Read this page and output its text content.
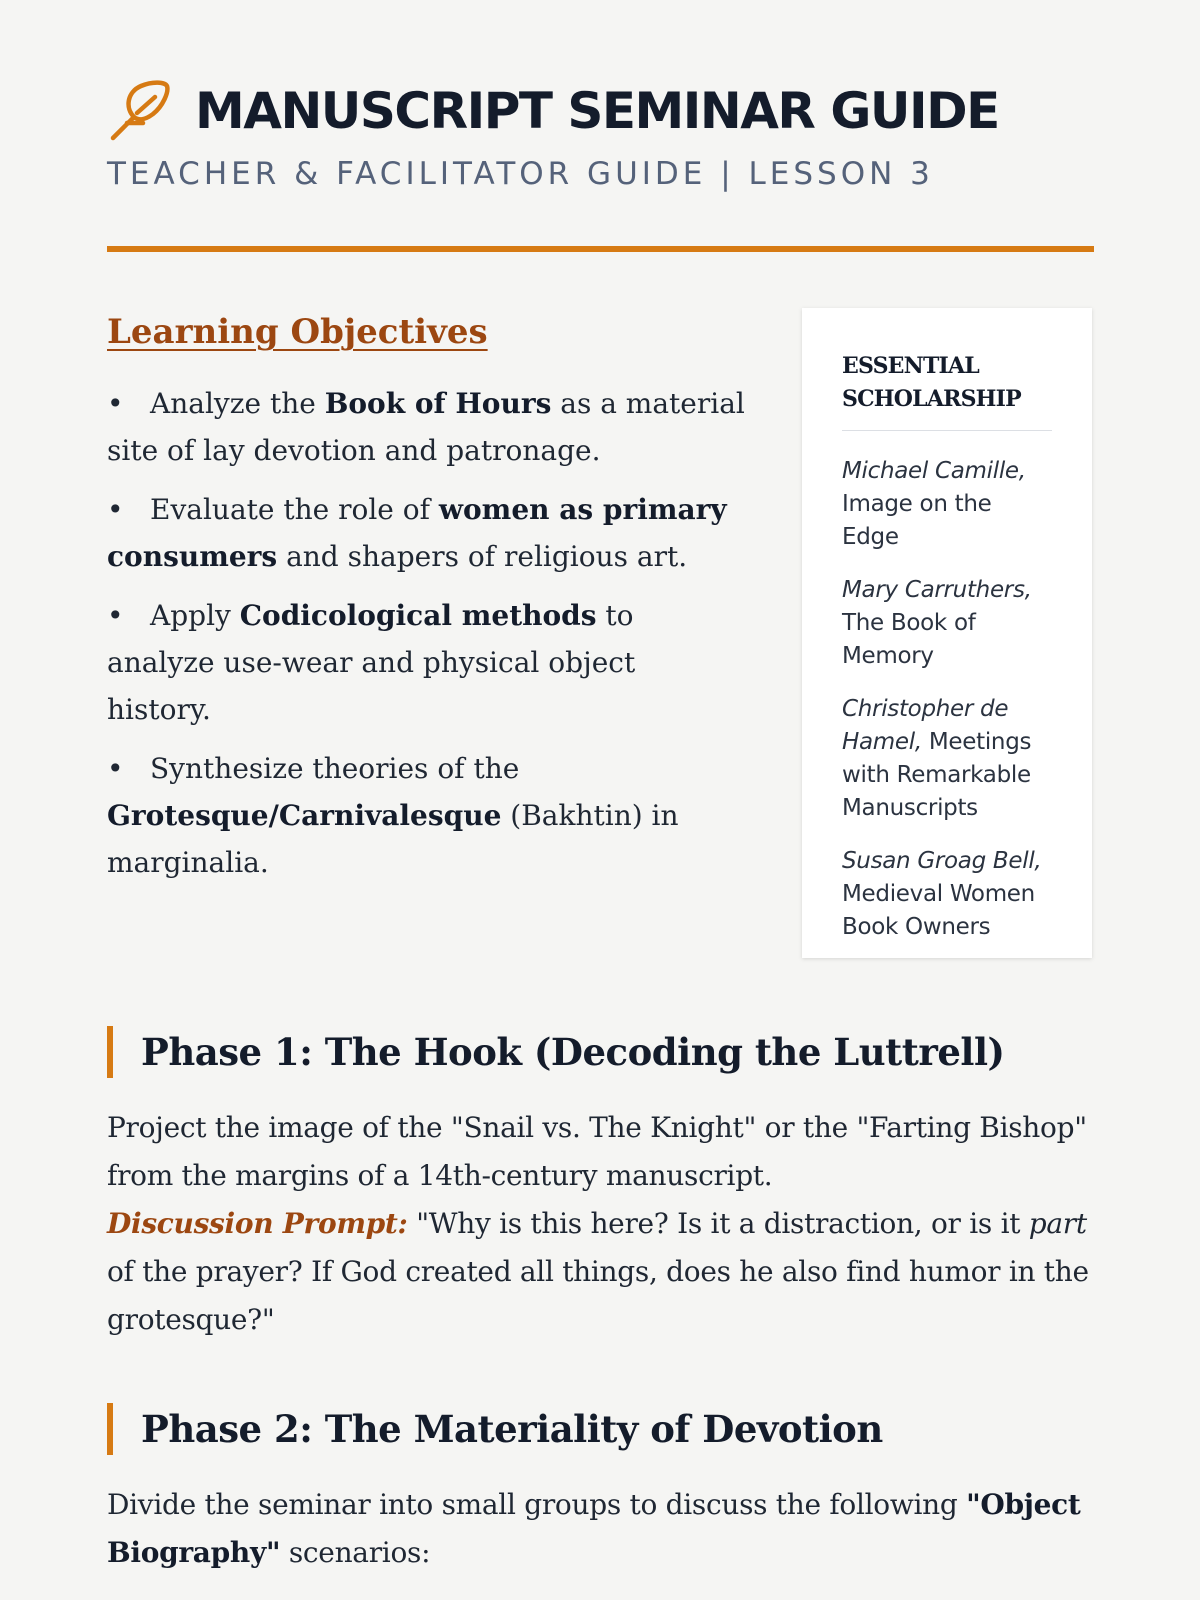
MANUSCRIPT SEMINAR GUIDE
TEACHER & FACILITATOR GUIDE | LESSON 3
Learning Objectives
• Analyze the Book of Hours as a material site of lay devotion and patronage.
• Evaluate the role of women as primary consumers and shapers of religious art.
• Apply Codicological methods to analyze use-wear and physical object history.
• Synthesize theories of the Grotesque/Carnivalesque (Bakhtin) in marginalia.
ESSENTIAL SCHOLARSHIP
Michael Camille, Image on the Edge
Mary Carruthers, The Book of Memory
Christopher de Hamel, Meetings with Remarkable Manuscripts
Susan Groag Bell, Medieval Women Book Owners
Phase 1: The Hook (Decoding the Luttrell)

Project the image of the "Snail vs. The Knight" or the "Farting Bishop" from the margins of a 14th-century manuscript.

Discussion Prompt: "Why is this here? Is it a distraction, or is it part of the prayer? If God created all things, does he also find humor in the grotesque?"

Phase 2: The Materiality of Devotion

Divide the seminar into small groups to discuss the following "Object Biography" scenarios:
